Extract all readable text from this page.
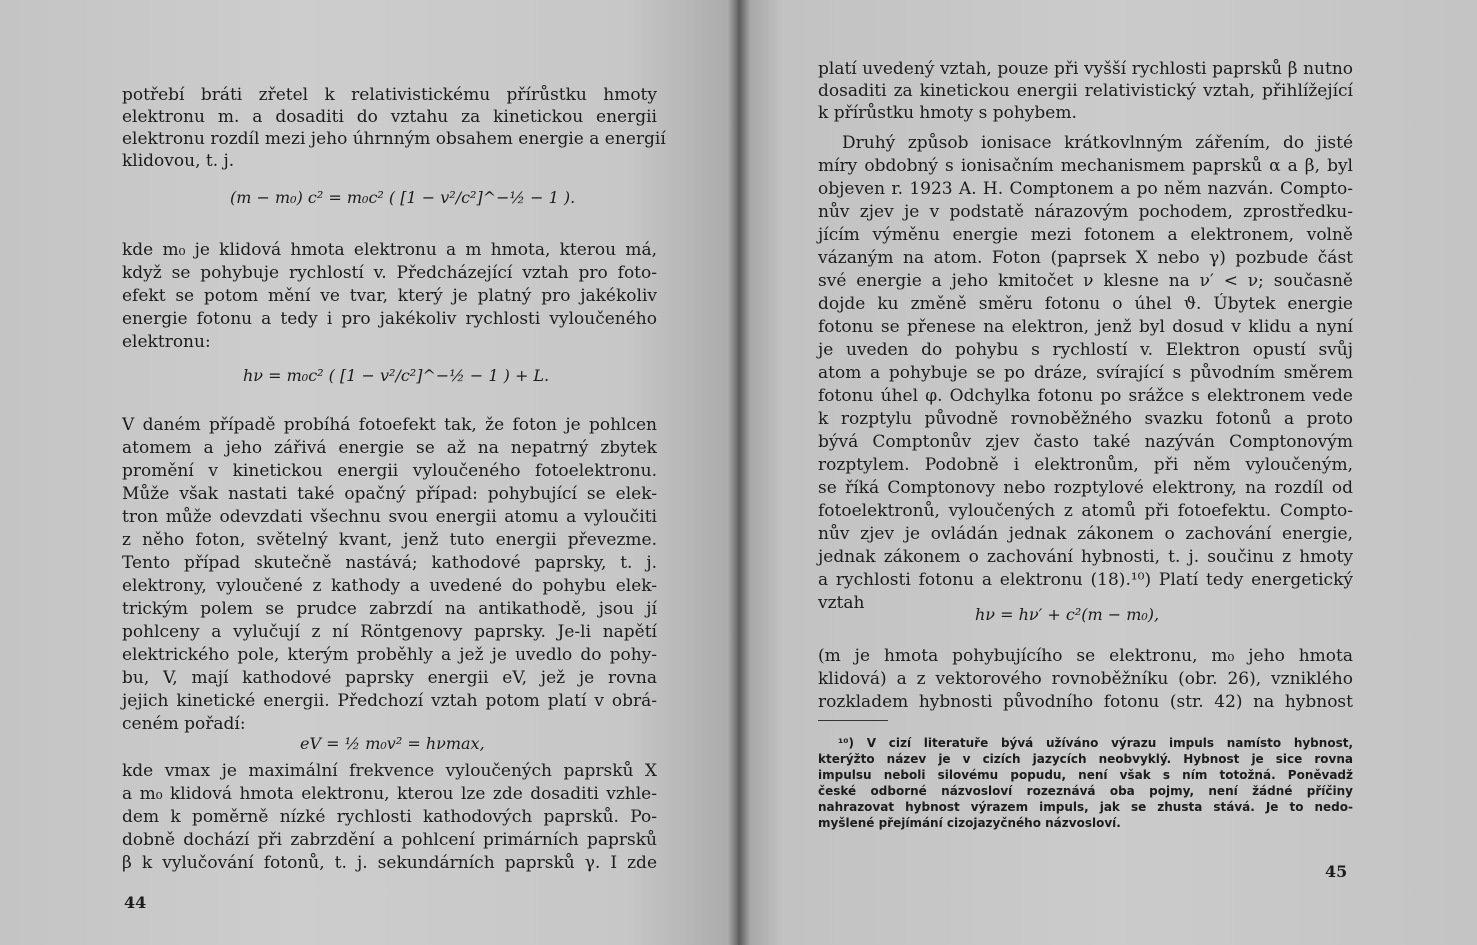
potřebí bráti zřetel k relativistickému přírůstku hmoty
elektronu m. a dosaditi do vztahu za kinetickou energii
elektronu rozdíl mezi jeho úhrnným obsahem energie a energií
klidovou, t. j.
(m − m₀) c² = m₀c² ( [1 − v²/c²]^−½ − 1 ).
kde m₀ je klidová hmota elektronu a m hmota, kterou má,
když se pohybuje rychlostí v. Předcházející vztah pro foto-
efekt se potom mění ve tvar, který je platný pro jakékoliv
energie fotonu a tedy i pro jakékoliv rychlosti vyloučeného
elektronu:
hν = m₀c² ( [1 − v²/c²]^−½ − 1 ) + L.
V daném případě probíhá fotoefekt tak, že foton je pohlcen
atomem a jeho zářivá energie se až na nepatrný zbytek
promění v kinetickou energii vyloučeného fotoelektronu.
Může však nastati také opačný případ: pohybující se elek-
tron může odevzdati všechnu svou energii atomu a vyloučiti
z něho foton, světelný kvant, jenž tuto energii převezme.
Tento případ skutečně nastává; kathodové paprsky, t. j.
elektrony, vyloučené z kathody a uvedené do pohybu elek-
trickým polem se prudce zabrzdí na antikathodě, jsou jí
pohlceny a vylučují z ní Röntgenovy paprsky. Je-li napětí
elektrického pole, kterým proběhly a jež je uvedlo do pohy-
bu, V, mají kathodové paprsky energii eV, jež je rovna
jejich kinetické energii. Předchozí vztah potom platí v obrá-
ceném pořadí:
eV = ½ m₀v² = hνmax,
kde vmax je maximální frekvence vyloučených paprsků X
a m₀ klidová hmota elektronu, kterou lze zde dosaditi vzhle-
dem k poměrně nízké rychlosti kathodových paprsků. Po-
dobně dochází při zabrzdění a pohlcení primárních paprsků
β k vylučování fotonů, t. j. sekundárních paprsků γ. I zde
44
platí uvedený vztah, pouze při vyšší rychlosti paprsků β nutno
dosaditi za kinetickou energii relativistický vztah, přihlížející
k přírůstku hmoty s pohybem.
Druhý způsob ionisace krátkovlnným zářením, do jisté
míry obdobný s ionisačním mechanismem paprsků α a β, byl
objeven r. 1923 A. H. Comptonem a po něm nazván. Compto-
nův zjev je v podstatě nárazovým pochodem, zprostředku-
jícím výměnu energie mezi fotonem a elektronem, volně
vázaným na atom. Foton (paprsek X nebo γ) pozbude část
své energie a jeho kmitočet ν klesne na ν′ < ν; současně
dojde ku změně směru fotonu o úhel ϑ. Úbytek energie
fotonu se přenese na elektron, jenž byl dosud v klidu a nyní
je uveden do pohybu s rychlostí v. Elektron opustí svůj
atom a pohybuje se po dráze, svírající s původním směrem
fotonu úhel φ. Odchylka fotonu po srážce s elektronem vede
k rozptylu původně rovnoběžného svazku fotonů a proto
bývá Comptonův zjev často také nazýván Comptonovým
rozptylem. Podobně i elektronům, při něm vyloučeným,
se říká Comptonovy nebo rozptylové elektrony, na rozdíl od
fotoelektronů, vyloučených z atomů při fotoefektu. Compto-
nův zjev je ovládán jednak zákonem o zachování energie,
jednak zákonem o zachování hybnosti, t. j. součinu z hmoty
a rychlosti fotonu a elektronu (18).¹⁰) Platí tedy energetický
vztah
hν = hν′ + c²(m − m₀),
(m je hmota pohybujícího se elektronu, m₀ jeho hmota
klidová) a z vektorového rovnoběžníku (obr. 26), vzniklého
rozkladem hybnosti původního fotonu (str. 42) na hybnost
¹⁰) V cizí literatuře bývá užíváno výrazu impuls namísto hybnost,
kterýžto název je v cizích jazycích neobvyklý. Hybnost je sice rovna
impulsu neboli silovému popudu, není však s ním totožná. Poněvadž
české odborné názvosloví rozeznává oba pojmy, není žádné příčiny
nahrazovat hybnost výrazem impuls, jak se zhusta stává. Je to nedo-
myšlené přejímání cizojazyčného názvosloví.
45
